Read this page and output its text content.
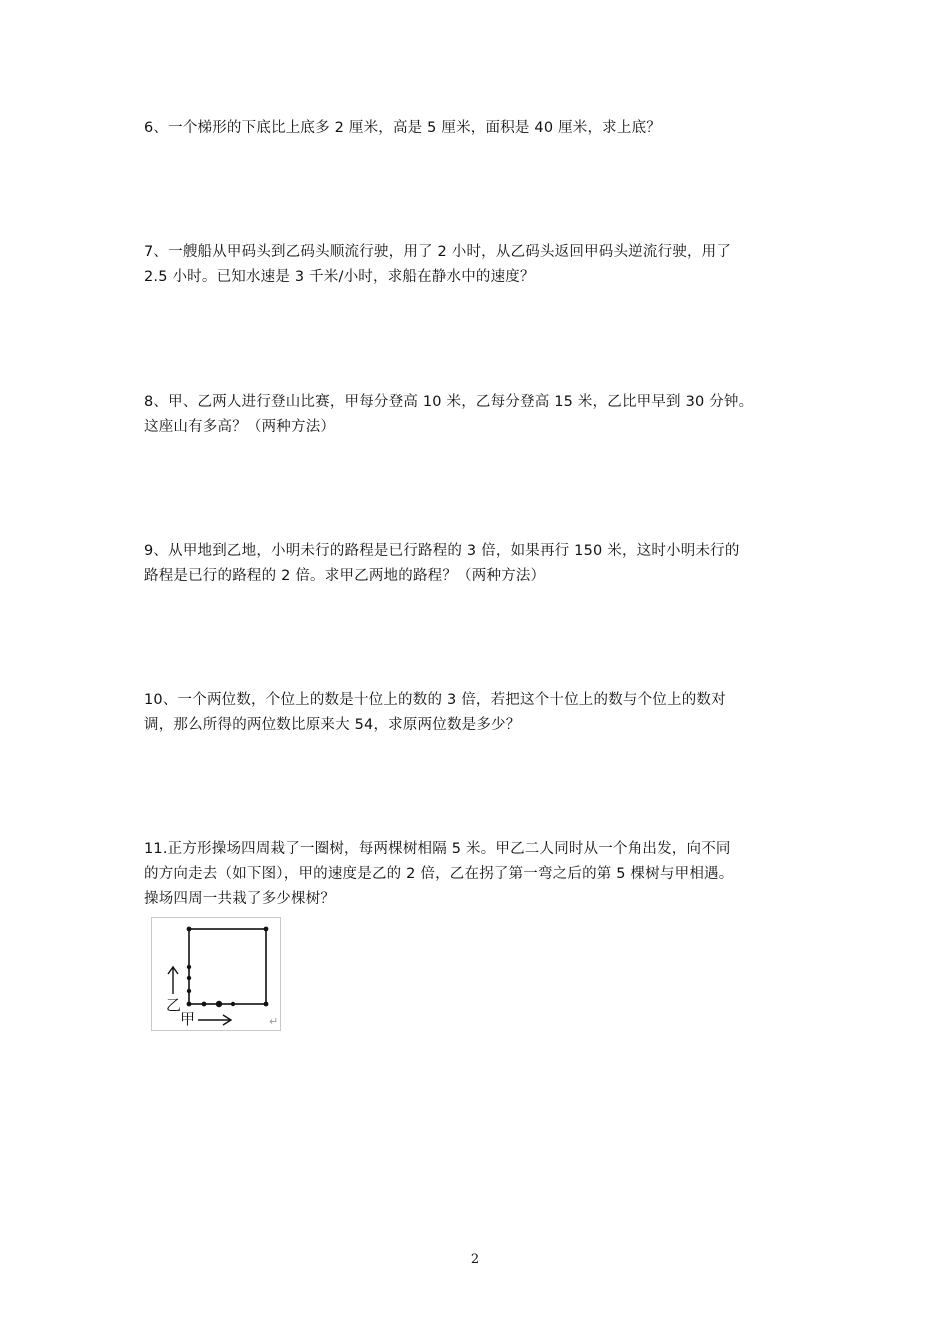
6、一个梯形的下底比上底多 2 厘米，高是 5 厘米，面积是 40 厘米，求上底？
7、一艘船从甲码头到乙码头顺流行驶，用了 2 小时，从乙码头返回甲码头逆流行驶，用了
2.5 小时。已知水速是 3 千米/小时，求船在静水中的速度？
8、甲、乙两人进行登山比赛，甲每分登高 10 米，乙每分登高 15 米，乙比甲早到 30 分钟。
这座山有多高？（两种方法）
9、从甲地到乙地，小明未行的路程是已行路程的 3 倍，如果再行 150 米，这时小明未行的
路程是已行的路程的 2 倍。求甲乙两地的路程？（两种方法）
10、一个两位数，个位上的数是十位上的数的 3 倍，若把这个十位上的数与个位上的数对
调，那么所得的两位数比原来大 54，求原两位数是多少？
11.正方形操场四周栽了一圈树，每两棵树相隔 5 米。甲乙二人同时从一个角出发，向不同
的方向走去（如下图），甲的速度是乙的 2 倍，乙在拐了第一弯之后的第 5 棵树与甲相遇。
操场四周一共栽了多少棵树？
乙
甲	↵
2
